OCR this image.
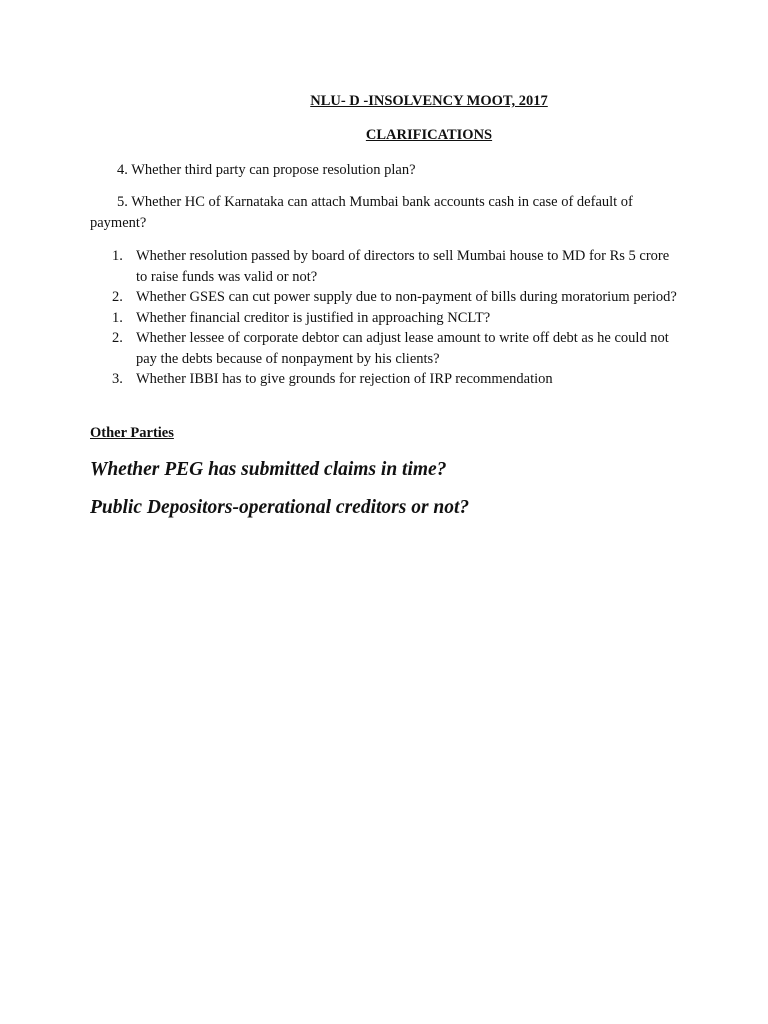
NLU- D -INSOLVENCY MOOT, 2017
CLARIFICATIONS
4. Whether third party can propose resolution plan?
5. Whether HC of Karnataka can attach Mumbai bank accounts cash in case of default of payment?
1. Whether resolution passed by board of directors to sell Mumbai house to MD for Rs 5 crore to raise funds was valid or not?
2. Whether GSES can cut power supply due to non-payment of bills during moratorium period?
1. Whether financial creditor is justified in approaching NCLT?
2. Whether lessee of corporate debtor can adjust lease amount to write off debt as he could not pay the debts because of nonpayment by his clients?
3. Whether IBBI has to give grounds for rejection of IRP recommendation
Other Parties
Whether PEG has submitted claims in time?
Public Depositors-operational creditors or not?
